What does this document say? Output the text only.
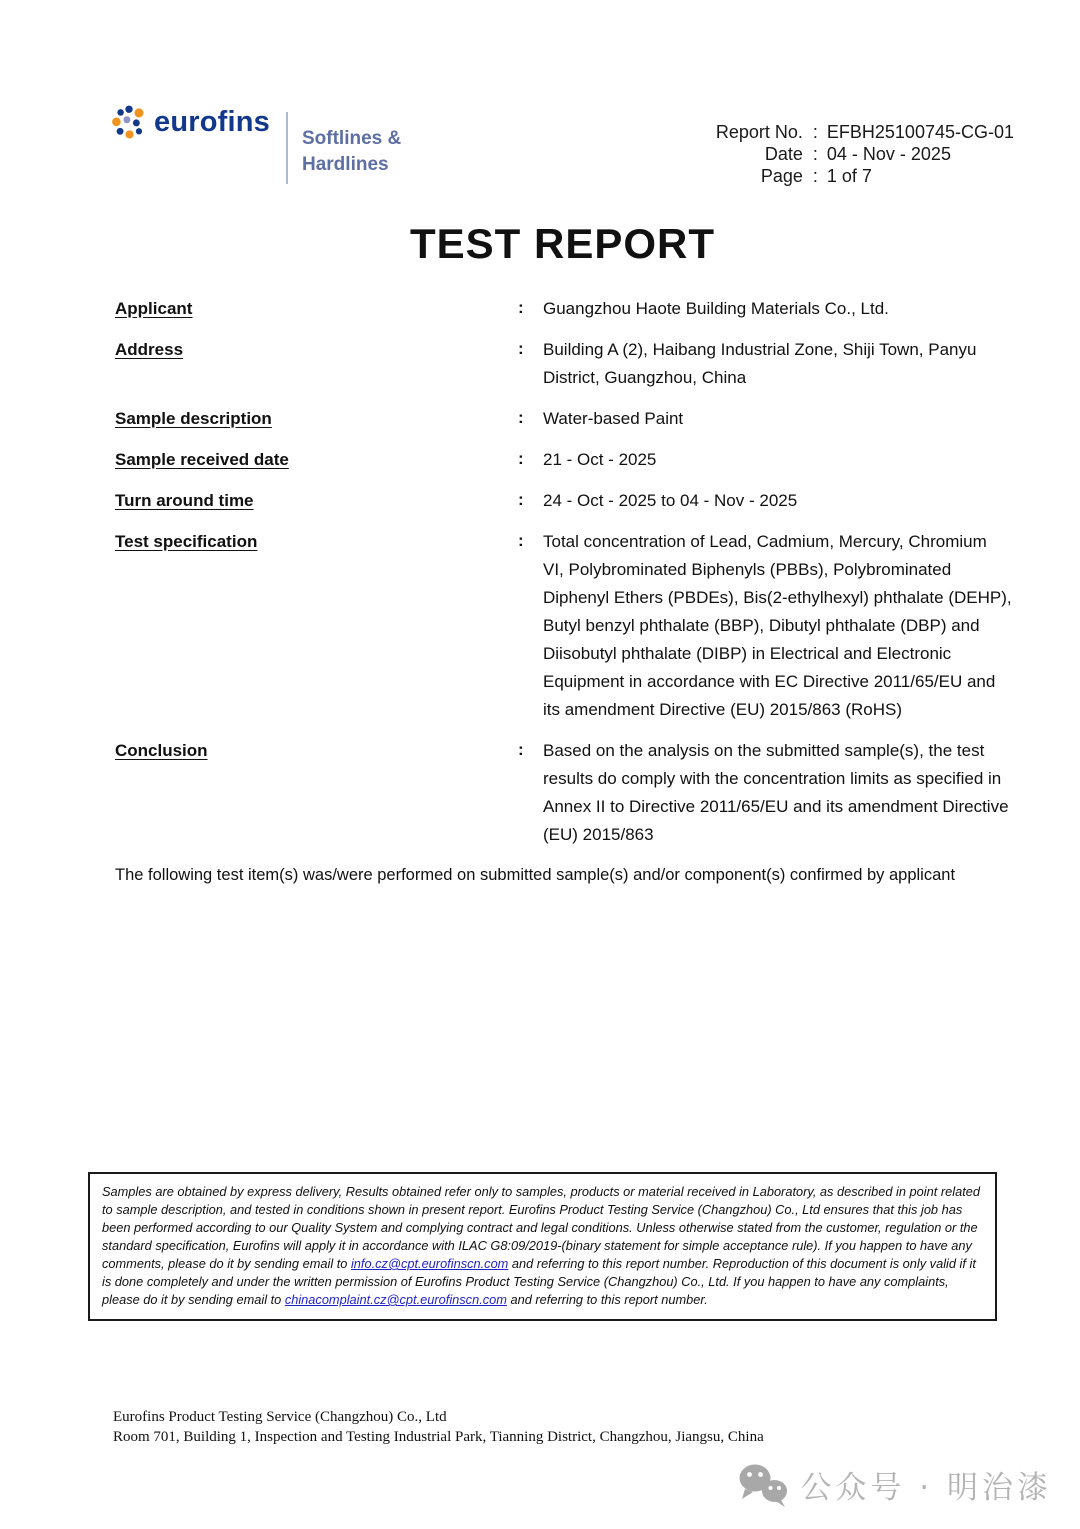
eurofins
Softlines &
Hardlines
Report No.	:	EFBH25100745-CG-01
Date	:	04 - Nov - 2025
Page	:	1 of 7
TEST REPORT
Applicant	:	Guangzhou Haote Building Materials Co., Ltd.
Address	:	Building A (2), Haibang Industrial Zone, Shiji Town, Panyu District, Guangzhou, China
Sample description	:	Water-based Paint
Sample received date	:	21 - Oct - 2025
Turn around time	:	24 - Oct - 2025 to 04 - Nov - 2025
Test specification	:	Total concentration of Lead, Cadmium, Mercury, Chromium VI, Polybrominated Biphenyls (PBBs), Polybrominated Diphenyl Ethers (PBDEs), Bis(2-ethylhexyl) phthalate (DEHP), Butyl benzyl phthalate (BBP), Dibutyl phthalate (DBP) and Diisobutyl phthalate (DIBP) in Electrical and Electronic Equipment in accordance with EC Directive 2011/65/EU and its amendment Directive (EU) 2015/863 (RoHS)
Conclusion	:	Based on the analysis on the submitted sample(s), the test results do comply with the concentration limits as specified in Annex II to Directive 2011/65/EU and its amendment Directive (EU) 2015/863
The following test item(s) was/were performed on submitted sample(s) and/or component(s) confirmed by applicant
Samples are obtained by express delivery, Results obtained refer only to samples, products or material received in Laboratory, as described in point related to sample description, and tested in conditions shown in present report. Eurofins Product Testing Service (Changzhou) Co., Ltd ensures that this job has been performed according to our Quality System and complying contract and legal conditions. Unless otherwise stated from the customer, regulation or the standard specification, Eurofins will apply it in accordance with ILAC G8:09/2019-(binary statement for simple acceptance rule). If you happen to have any comments, please do it by sending email to info.cz@cpt.eurofinscn.com and referring to this report number. Reproduction of this document is only valid if it is done completely and under the written permission of Eurofins Product Testing Service (Changzhou) Co., Ltd. If you happen to have any complaints, please do it by sending email to chinacomplaint.cz@cpt.eurofinscn.com and referring to this report number.
Eurofins Product Testing Service (Changzhou) Co., Ltd
Room 701, Building 1, Inspection and Testing Industrial Park, Tianning District, Changzhou, Jiangsu, China
公众号 · 明治漆
